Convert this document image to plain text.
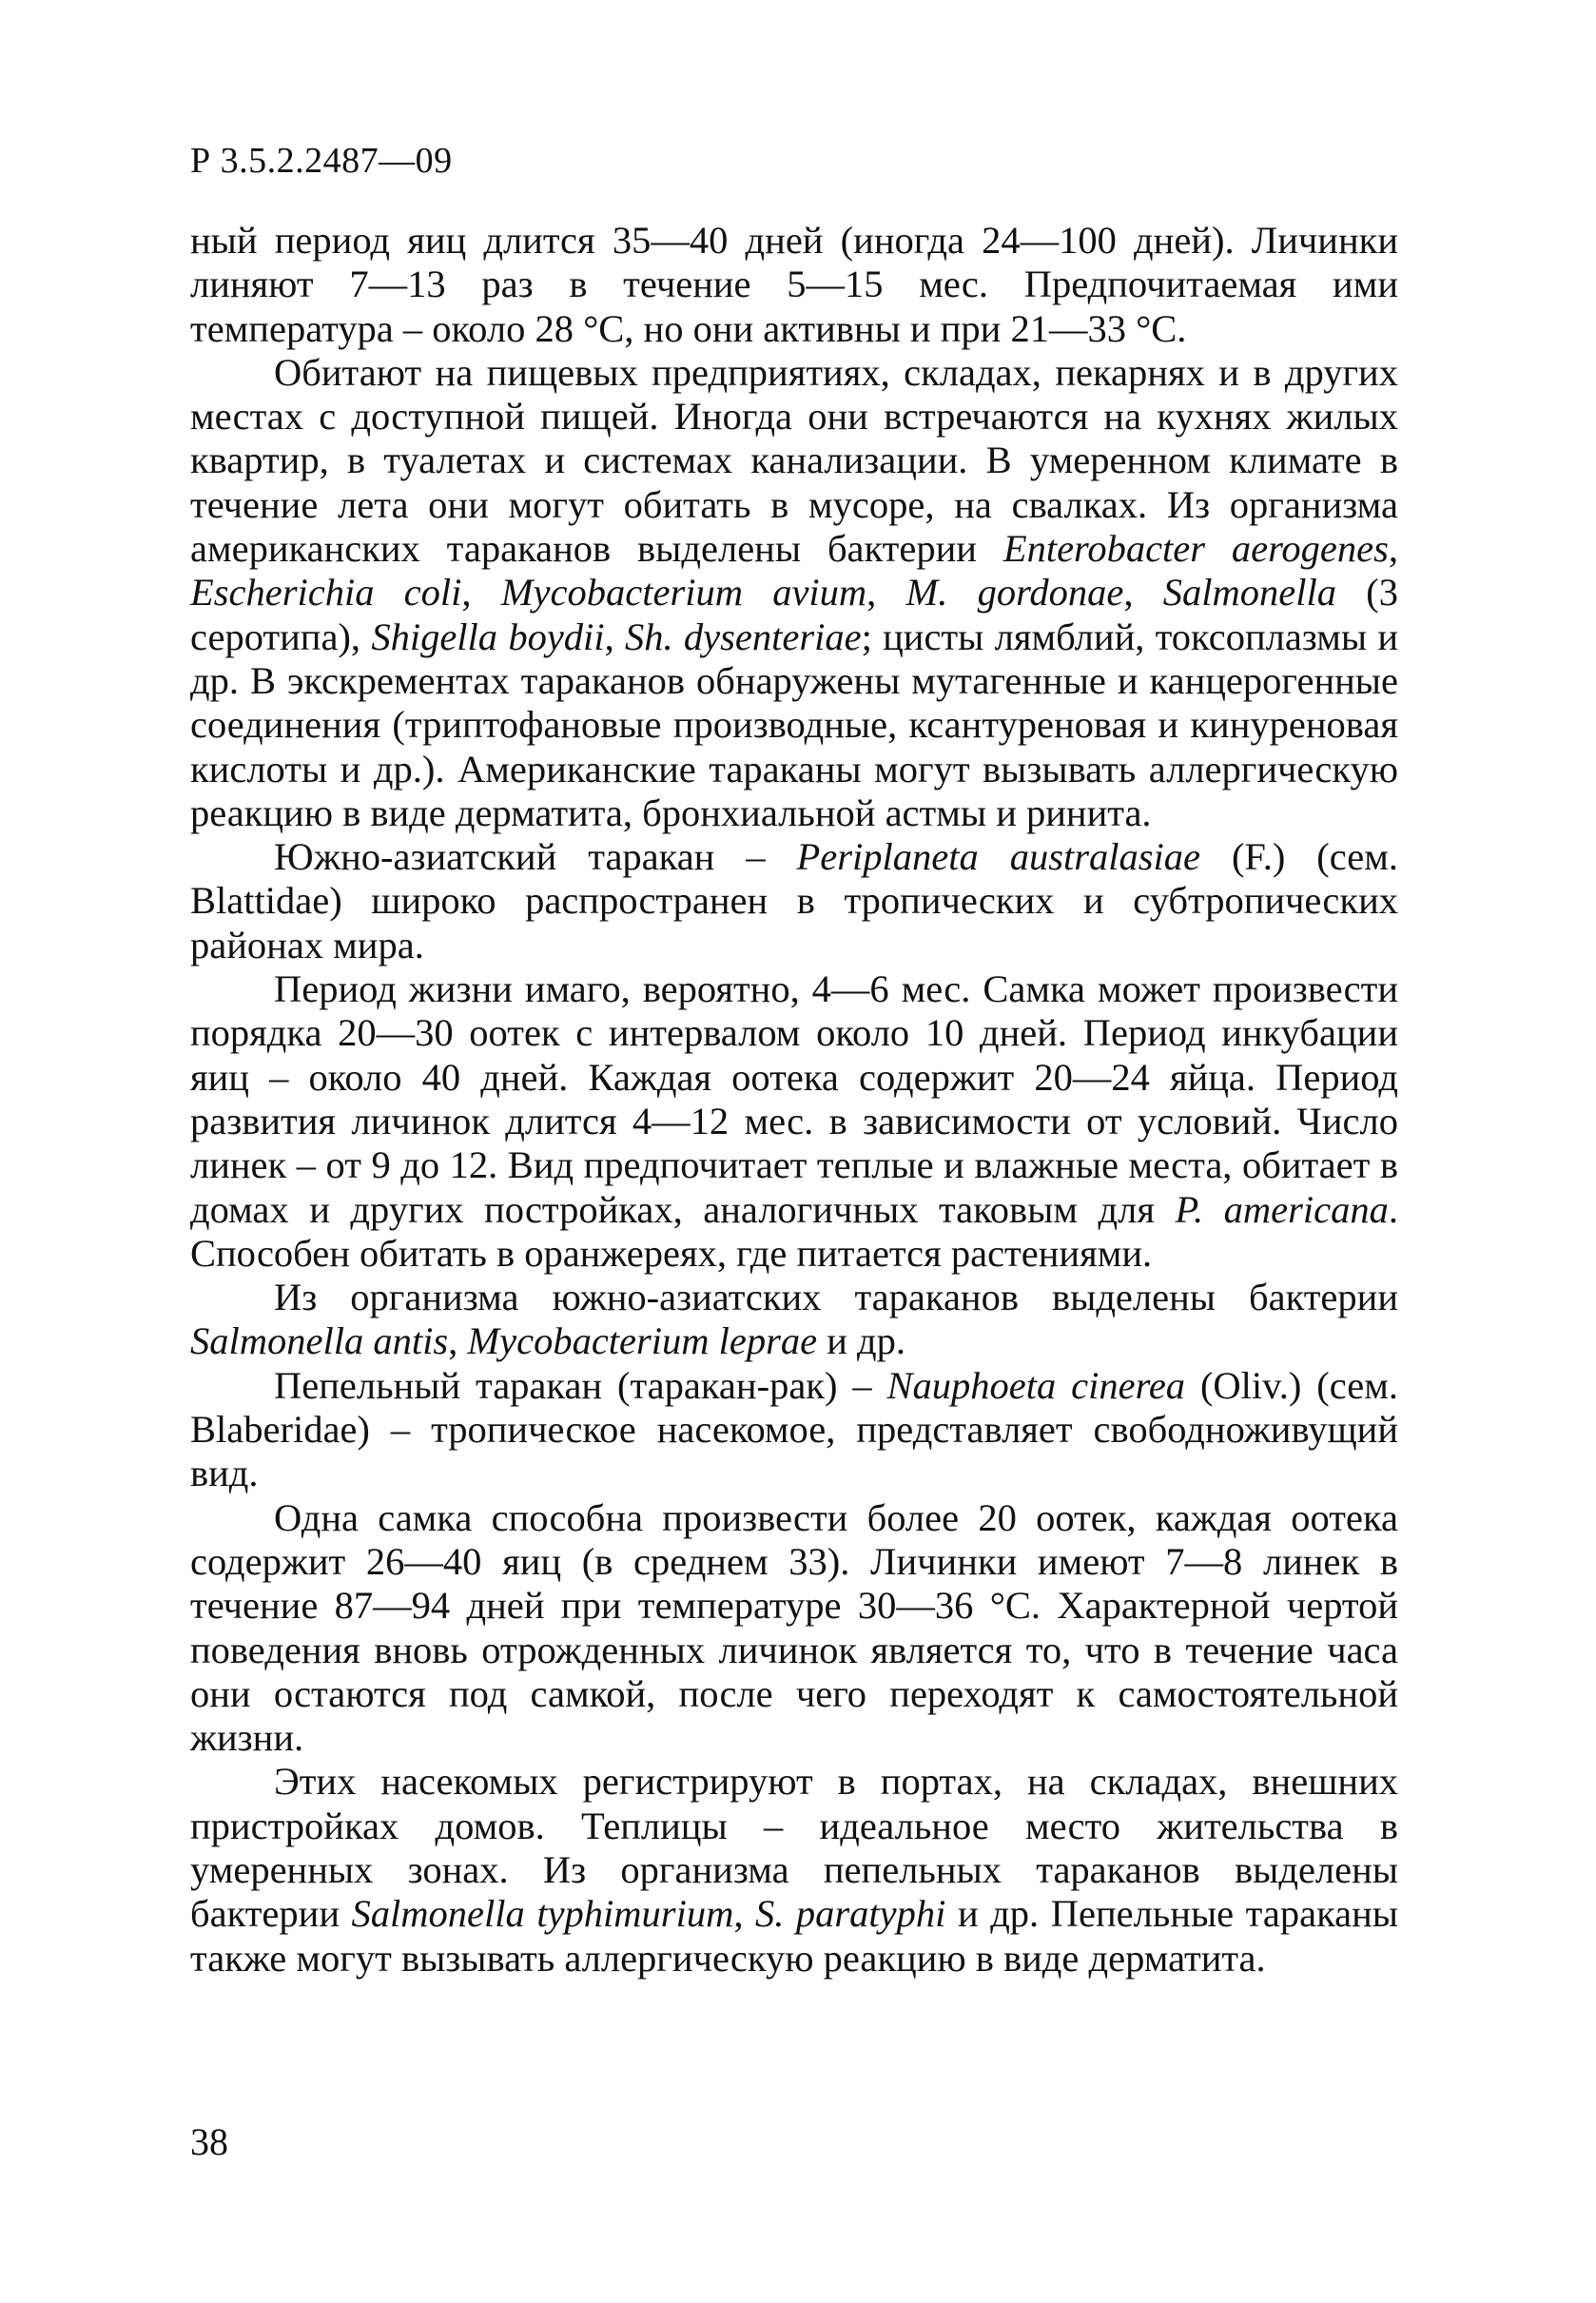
Р 3.5.2.2487—09

ный период яиц длится 35—40 дней (иногда 24—100 дней). Личинки линяют 7—13 раз в течение 5—15 мес. Предпочитаемая ими температура – около 28 °С, но они активны и при 21—33 °С.

Обитают на пищевых предприятиях, складах, пекарнях и в других местах с доступной пищей. Иногда они встречаются на кухнях жилых квартир, в туалетах и системах канализации. В умеренном климате в течение лета они могут обитать в мусоре, на свалках. Из организма американских тараканов выделены бактерии Enterobacter aerogenes, Escherichia coli, Mycobacterium avium, M. gordonae, Salmonella (3 серотипа), Shigella boydii, Sh. dysenteriae; цисты лямблий, токсоплазмы и др. В экскрементах тараканов обнаружены мутагенные и канцерогенные соединения (триптофановые производные, ксантуреновая и кинуреновая кислоты и др.). Американские тараканы могут вызывать аллергическую реакцию в виде дерматита, бронхиальной астмы и ринита.

Южно-азиатский таракан – Periplaneta australasiae (F.) (сем. Blattidae) широко распространен в тропических и субтропических районах мира.

Период жизни имаго, вероятно, 4—6 мес. Самка может произвести порядка 20—30 оотек с интервалом около 10 дней. Период инкубации яиц – около 40 дней. Каждая оотека содержит 20—24 яйца. Период развития личинок длится 4—12 мес. в зависимости от условий. Число линек – от 9 до 12. Вид предпочитает теплые и влажные места, обитает в домах и других постройках, аналогичных таковым для P. americana. Способен обитать в оранжереях, где питается растениями.

Из организма южно-азиатских тараканов выделены бактерии Salmonella antis, Mycobacterium leprae и др.

Пепельный таракан (таракан-рак) – Nauphoeta cinerea (Oliv.) (сем. Blaberidae) – тропическое насекомое, представляет свободноживущий вид.

Одна самка способна произвести более 20 оотек, каждая оотека содержит 26—40 яиц (в среднем 33). Личинки имеют 7—8 линек в течение 87—94 дней при температуре 30—36 °С. Характерной чертой поведения вновь отрожденных личинок является то, что в течение часа они остаются под самкой, после чего переходят к самостоятельной жизни.

Этих насекомых регистрируют в портах, на складах, внешних пристройках домов. Теплицы – идеальное место жительства в умеренных зонах. Из организма пепельных тараканов выделены бактерии Salmonella typhimurium, S. paratyphi и др. Пепельные тараканы также могут вызывать аллергическую реакцию в виде дерматита.

38
